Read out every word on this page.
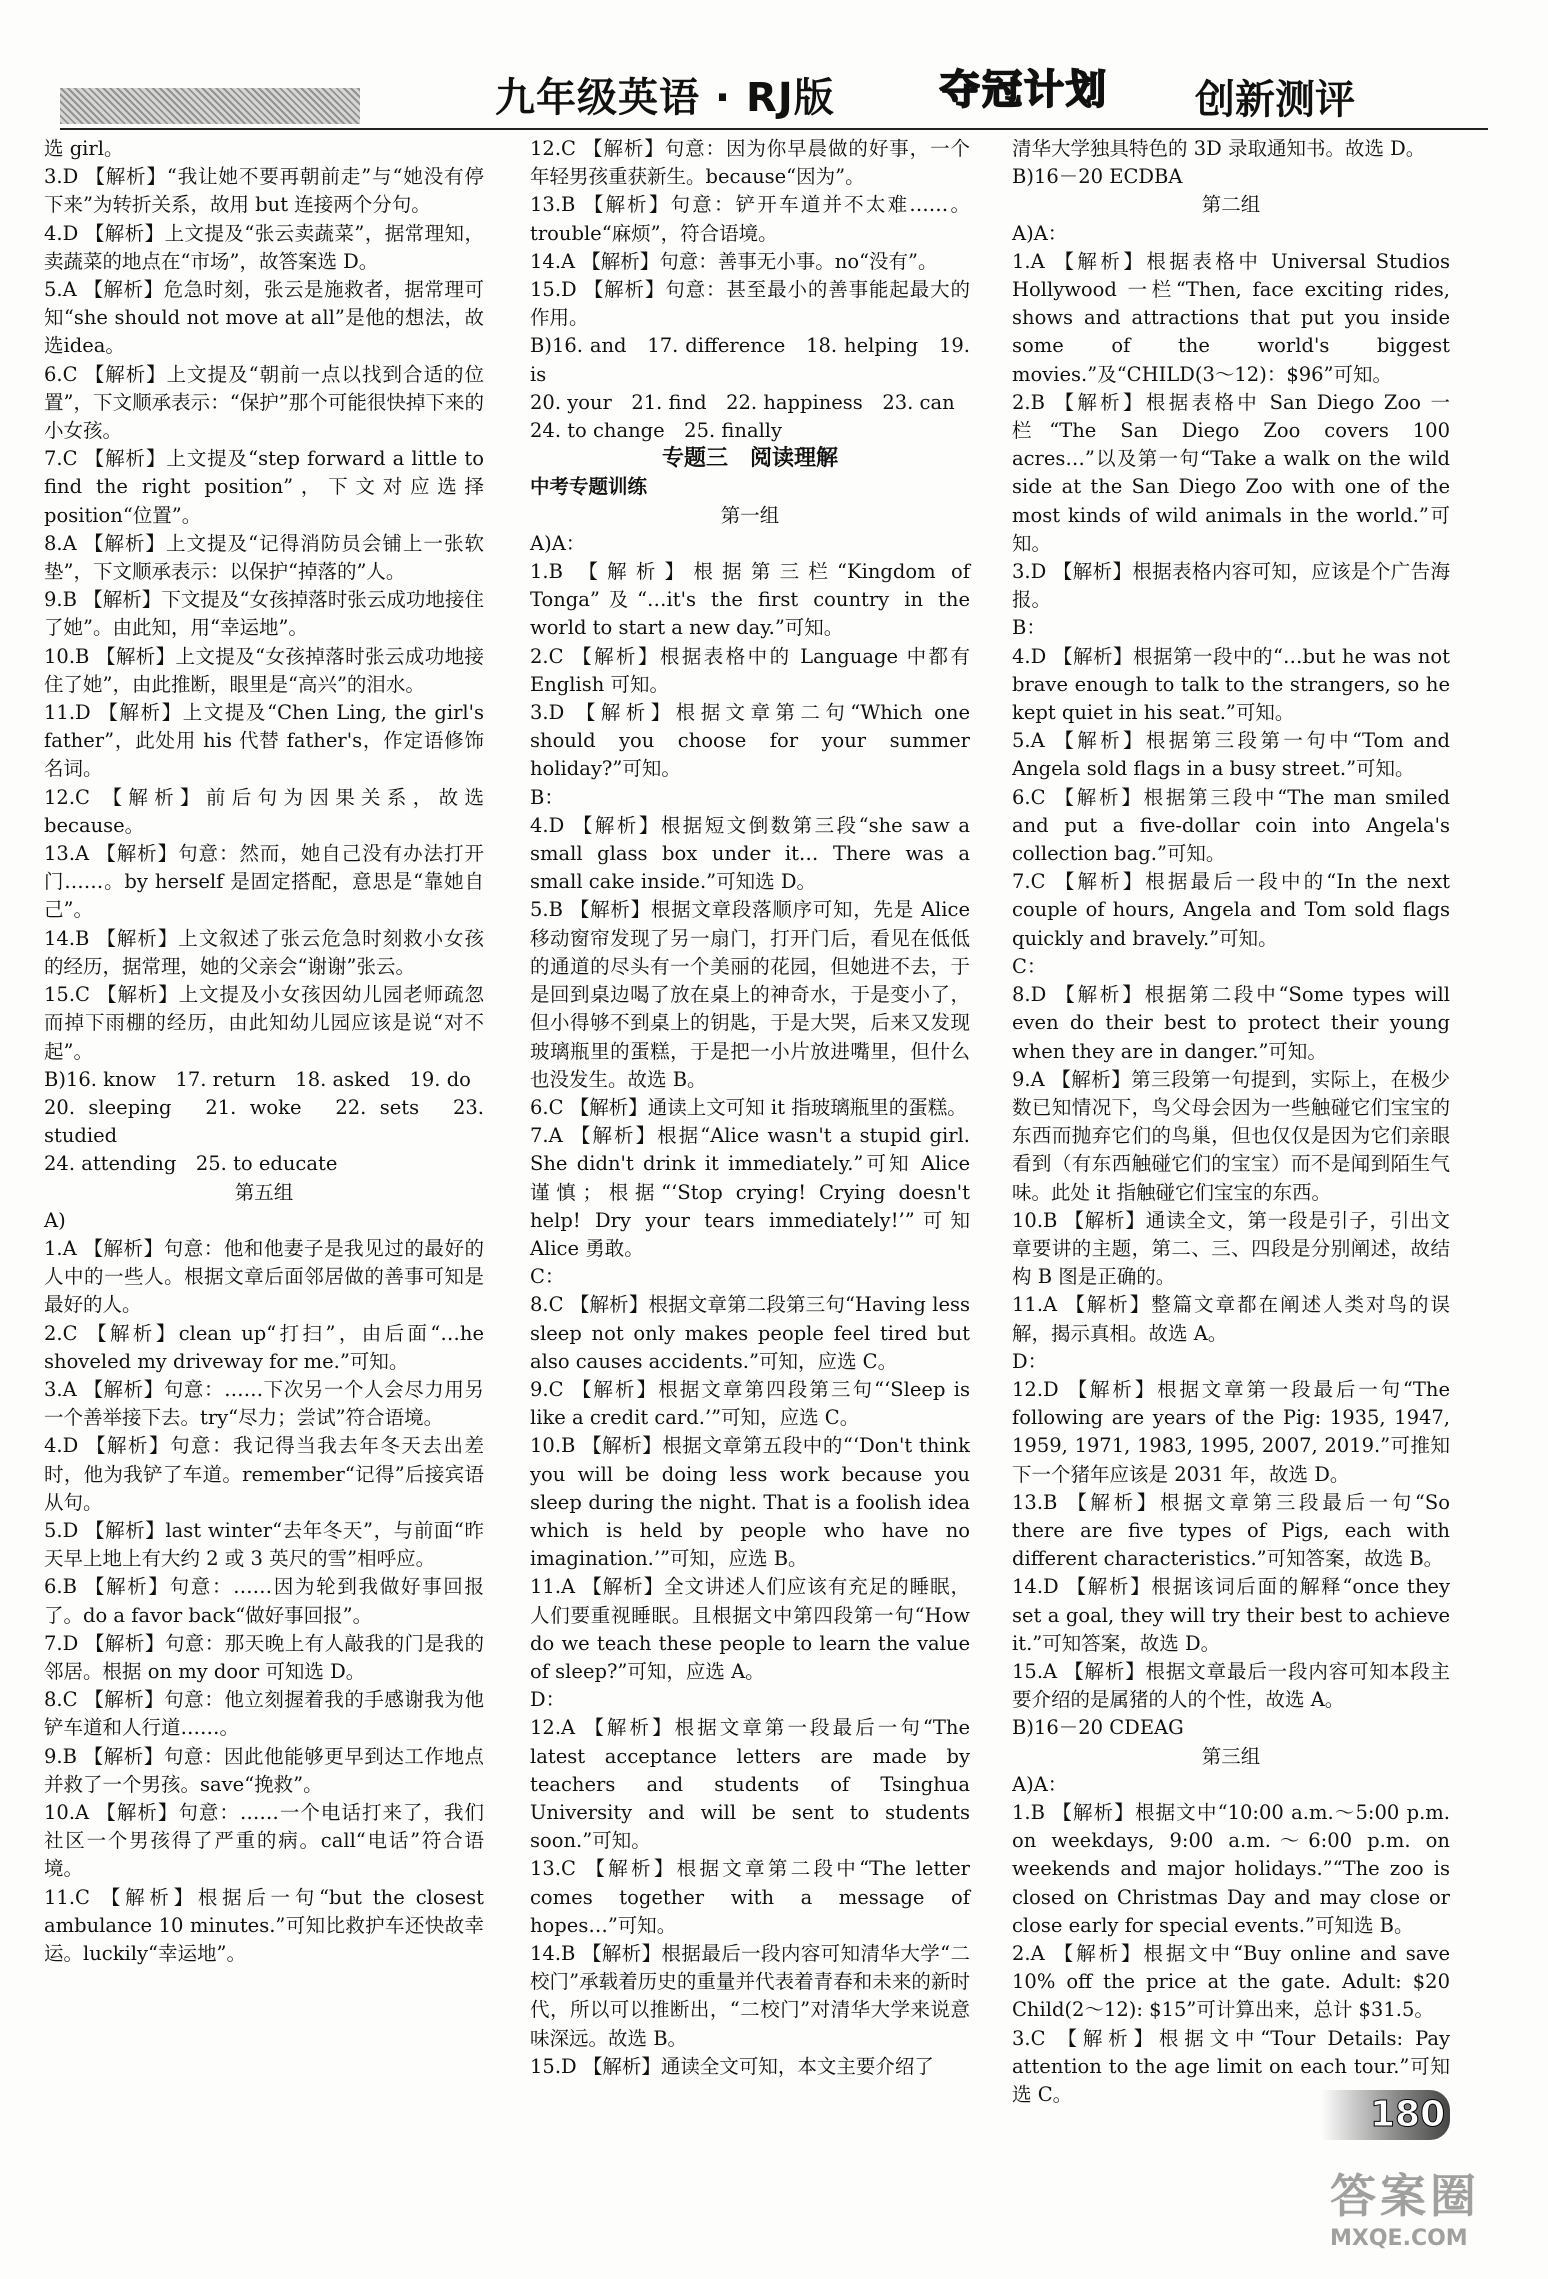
九年级英语 · RJ版	夺冠计划	创新测评

选 girl。

3.D 【解析】“我让她不要再朝前走”与“她没有停下来”为转折关系，故用 but 连接两个分句。

4.D 【解析】上文提及“张云卖蔬菜”，据常理知，卖蔬菜的地点在“市场”，故答案选 D。

5.A 【解析】危急时刻，张云是施救者，据常理可知“she should not move at all”是他的想法，故选idea。

6.C 【解析】上文提及“朝前一点以找到合适的位置”，下文顺承表示：“保护”那个可能很快掉下来的小女孩。

7.C 【解析】上文提及“step forward a little to find the right position”，下文对应选择 position“位置”。

8.A 【解析】上文提及“记得消防员会铺上一张软垫”，下文顺承表示：以保护“掉落的”人。

9.B 【解析】下文提及“女孩掉落时张云成功地接住了她”。由此知，用“幸运地”。

10.B 【解析】上文提及“女孩掉落时张云成功地接住了她”，由此推断，眼里是“高兴”的泪水。

11.D 【解析】上文提及“Chen Ling, the girl's father”，此处用 his 代替 father's，作定语修饰名词。

12.C 【解析】前后句为因果关系，故选 because。

13.A 【解析】句意：然而，她自己没有办法打开门……。by herself 是固定搭配，意思是“靠她自己”。

14.B 【解析】上文叙述了张云危急时刻救小女孩的经历，据常理，她的父亲会“谢谢”张云。

15.C 【解析】上文提及小女孩因幼儿园老师疏忽而掉下雨棚的经历，由此知幼儿园应该是说“对不起”。

B)16. know　17. return　18. asked　19. do

20. sleeping　21. woke　22. sets　23. studied

24. attending　25. to educate

第五组

A)

1.A 【解析】句意：他和他妻子是我见过的最好的人中的一些人。根据文章后面邻居做的善事可知是最好的人。

2.C 【解析】clean up“打扫”，由后面“…he shoveled my driveway for me.”可知。

3.A 【解析】句意：……下次另一个人会尽力用另一个善举接下去。try“尽力；尝试”符合语境。

4.D 【解析】句意：我记得当我去年冬天去出差时，他为我铲了车道。remember“记得”后接宾语从句。

5.D 【解析】last winter“去年冬天”，与前面“昨天早上地上有大约 2 或 3 英尺的雪”相呼应。

6.B 【解析】句意：……因为轮到我做好事回报了。do a favor back“做好事回报”。

7.D 【解析】句意：那天晚上有人敲我的门是我的邻居。根据 on my door 可知选 D。

8.C 【解析】句意：他立刻握着我的手感谢我为他铲车道和人行道……。

9.B 【解析】句意：因此他能够更早到达工作地点并救了一个男孩。save“挽救”。

10.A 【解析】句意：……一个电话打来了，我们社区一个男孩得了严重的病。call“电话”符合语境。

11.C 【解析】根据后一句“but the closest ambulance 10 minutes.”可知比救护车还快故幸运。luckily“幸运地”。

12.C 【解析】句意：因为你早晨做的好事，一个年轻男孩重获新生。because“因为”。

13.B 【解析】句意：铲开车道并不太难……。trouble“麻烦”，符合语境。

14.A 【解析】句意：善事无小事。no“没有”。

15.D 【解析】句意：甚至最小的善事能起最大的作用。

B)16. and　17. difference　18. helping　19. is

20. your　21. find　22. happiness　23. can

24. to change　25. finally

专题三　阅读理解

中考专题训练

第一组

A)A：

1.B 【解析】根据第三栏“Kingdom of Tonga”及“…it's the first country in the world to start a new day.”可知。

2.C 【解析】根据表格中的 Language 中都有 English 可知。

3.D 【解析】根据文章第二句“Which one should you choose for your summer holiday?”可知。

B：

4.D 【解析】根据短文倒数第三段“she saw a small glass box under it… There was a small cake inside.”可知选 D。

5.B 【解析】根据文章段落顺序可知，先是 Alice 移动窗帘发现了另一扇门，打开门后，看见在低低的通道的尽头有一个美丽的花园，但她进不去，于是回到桌边喝了放在桌上的神奇水，于是变小了，但小得够不到桌上的钥匙，于是大哭，后来又发现玻璃瓶里的蛋糕，于是把一小片放进嘴里，但什么也没发生。故选 B。

6.C 【解析】通读上文可知 it 指玻璃瓶里的蛋糕。

7.A 【解析】根据“Alice wasn't a stupid girl. She didn't drink it immediately.”可知 Alice 谨慎；根据“‘Stop crying! Crying doesn't help! Dry your tears immediately!’”可知 Alice 勇敢。

C：

8.C 【解析】根据文章第二段第三句“Having less sleep not only makes people feel tired but also causes accidents.”可知，应选 C。

9.C 【解析】根据文章第四段第三句“‘Sleep is like a credit card.’”可知，应选 C。

10.B 【解析】根据文章第五段中的“‘Don't think you will be doing less work because you sleep during the night. That is a foolish idea which is held by people who have no imagination.’”可知，应选 B。

11.A 【解析】全文讲述人们应该有充足的睡眠，人们要重视睡眠。且根据文中第四段第一句“How do we teach these people to learn the value of sleep?”可知，应选 A。

D：

12.A 【解析】根据文章第一段最后一句“The latest acceptance letters are made by teachers and students of Tsinghua University and will be sent to students soon.”可知。

13.C 【解析】根据文章第二段中“The letter comes together with a message of hopes…”可知。

14.B 【解析】根据最后一段内容可知清华大学“二校门”承载着历史的重量并代表着青春和未来的新时代，所以可以推断出，“二校门”对清华大学来说意味深远。故选 B。

15.D 【解析】通读全文可知，本文主要介绍了

清华大学独具特色的 3D 录取通知书。故选 D。

B)16－20 ECDBA

第二组

A)A：

1.A 【解析】根据表格中 Universal Studios Hollywood 一栏“Then, face exciting rides, shows and attractions that put you inside some of the world's biggest movies.”及“CHILD(3～12)：$96”可知。

2.B 【解析】根据表格中 San Diego Zoo 一栏“The San Diego Zoo covers 100 acres…”以及第一句“Take a walk on the wild side at the San Diego Zoo with one of the most kinds of wild animals in the world.”可知。

3.D 【解析】根据表格内容可知，应该是个广告海报。

B：

4.D 【解析】根据第一段中的“…but he was not brave enough to talk to the strangers, so he kept quiet in his seat.”可知。

5.A 【解析】根据第三段第一句中“Tom and Angela sold flags in a busy street.”可知。

6.C 【解析】根据第三段中“The man smiled and put a five-dollar coin into Angela's collection bag.”可知。

7.C 【解析】根据最后一段中的“In the next couple of hours, Angela and Tom sold flags quickly and bravely.”可知。

C：

8.D 【解析】根据第二段中“Some types will even do their best to protect their young when they are in danger.”可知。

9.A 【解析】第三段第一句提到，实际上，在极少数已知情况下，鸟父母会因为一些触碰它们宝宝的东西而抛弃它们的鸟巢，但也仅仅是因为它们亲眼看到（有东西触碰它们的宝宝）而不是闻到陌生气味。此处 it 指触碰它们宝宝的东西。

10.B 【解析】通读全文，第一段是引子，引出文章要讲的主题，第二、三、四段是分别阐述，故结构 B 图是正确的。

11.A 【解析】整篇文章都在阐述人类对鸟的误解，揭示真相。故选 A。

D：

12.D 【解析】根据文章第一段最后一句“The following are years of the Pig: 1935, 1947, 1959, 1971, 1983, 1995, 2007, 2019.”可推知下一个猪年应该是 2031 年，故选 D。

13.B 【解析】根据文章第三段最后一句“So there are five types of Pigs, each with different characteristics.”可知答案，故选 B。

14.D 【解析】根据该词后面的解释“once they set a goal, they will try their best to achieve it.”可知答案，故选 D。

15.A 【解析】根据文章最后一段内容可知本段主要介绍的是属猪的人的个性，故选 A。

B)16－20 CDEAG

第三组

A)A：

1.B 【解析】根据文中“10:00 a.m.～5:00 p.m. on weekdays, 9:00 a.m.～6:00 p.m. on weekends and major holidays.”“The zoo is closed on Christmas Day and may close or close early for special events.”可知选 B。

2.A 【解析】根据文中“Buy online and save 10% off the price at the gate. Adult: $20 Child(2～12): $15”可计算出来，总计 $31.5。

3.C 【解析】根据文中“Tour Details: Pay attention to the age limit on each tour.”可知选 C。	180
答案圈
MXQE.COM
